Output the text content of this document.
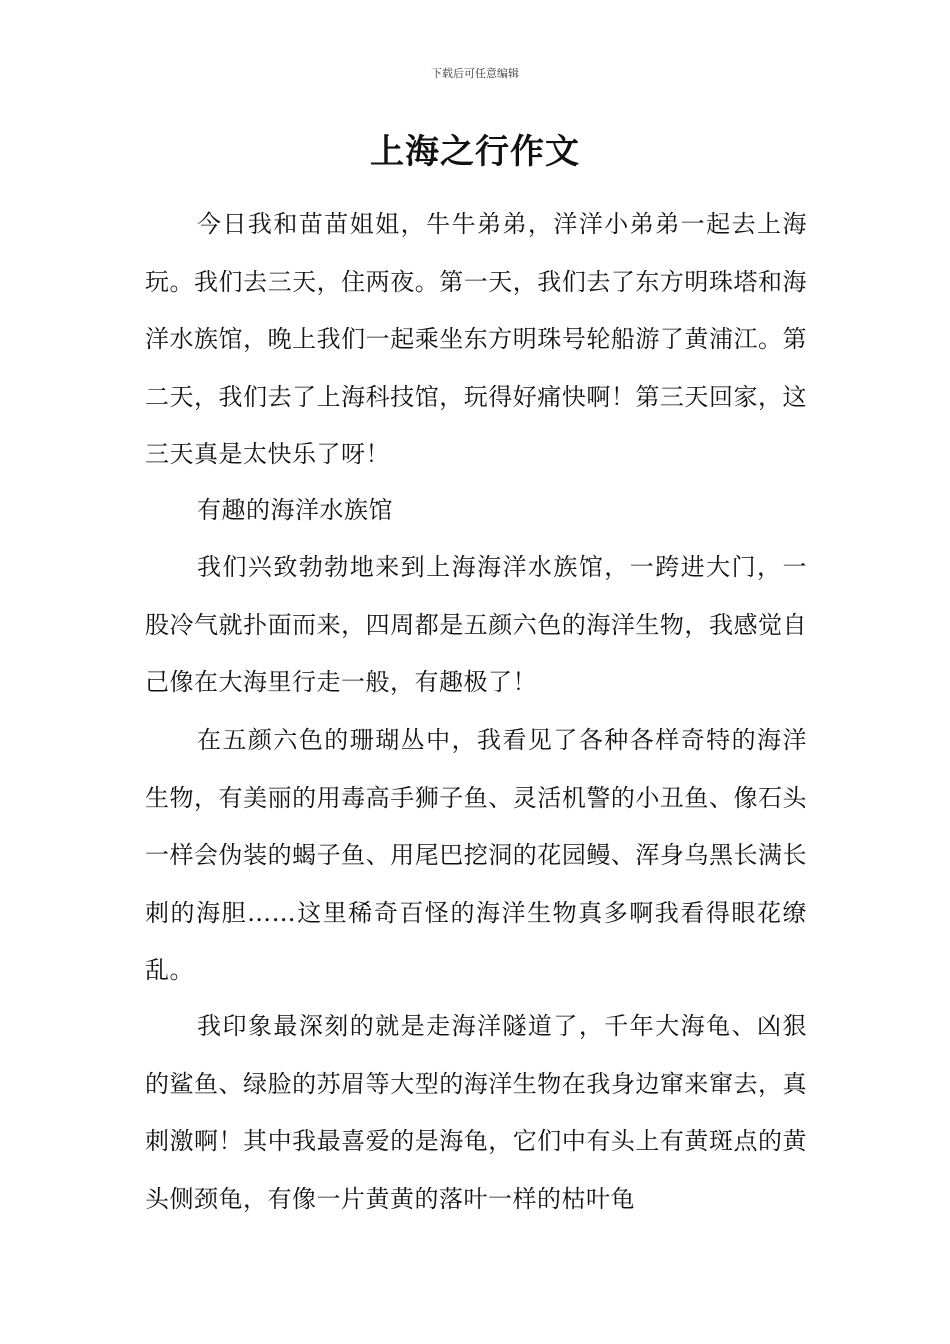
下载后可任意编辑
上海之行作文

今日我和苗苗姐姐，牛牛弟弟，洋洋小弟弟一起去上海玩。我们去三天，住两夜。第一天，我们去了东方明珠塔和海洋水族馆，晚上我们一起乘坐东方明珠号轮船游了黄浦江。第二天，我们去了上海科技馆，玩得好痛快啊！第三天回家，这三天真是太快乐了呀！

有趣的海洋水族馆

我们兴致勃勃地来到上海海洋水族馆，一跨进大门，一股冷气就扑面而来，四周都是五颜六色的海洋生物，我感觉自己像在大海里行走一般，有趣极了！

在五颜六色的珊瑚丛中，我看见了各种各样奇特的海洋生物，有美丽的用毒高手狮子鱼、灵活机警的小丑鱼、像石头一样会伪装的蝎子鱼、用尾巴挖洞的花园鳗、浑身乌黑长满长刺的海胆……这里稀奇百怪的海洋生物真多啊我看得眼花缭乱。

我印象最深刻的就是走海洋隧道了，千年大海龟、凶狠的鲨鱼、绿脸的苏眉等大型的海洋生物在我身边窜来窜去，真刺激啊！其中我最喜爱的是海龟，它们中有头上有黄斑点的黄头侧颈龟，有像一片黄黄的落叶一样的枯叶龟
